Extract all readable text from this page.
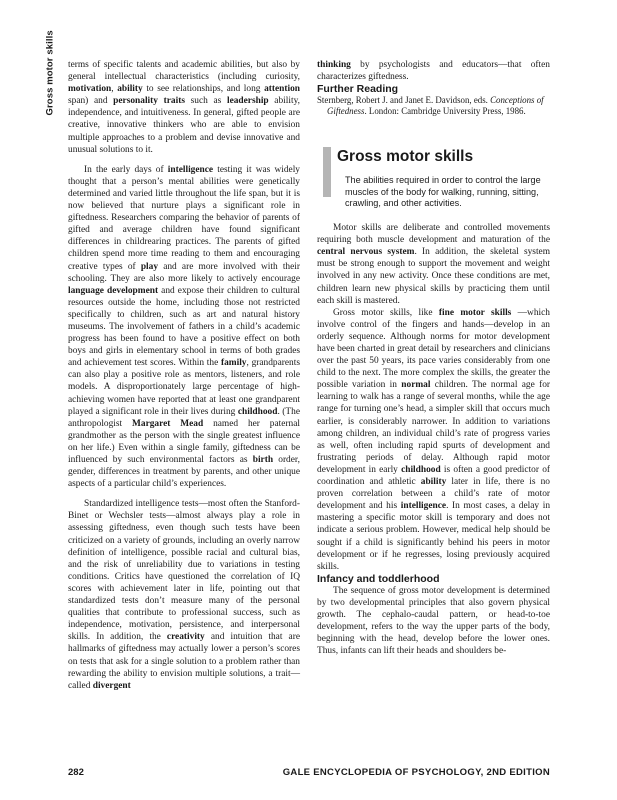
Gross motor skills terms of specific talents and academic abilities, but also by general intellectual characteristics (including curiosity, motivation, ability to see relationships, and long attention span) and personality traits such as leadership ability, independence, and intuitiveness. In general, gifted people are creative, innovative thinkers who are able to envision multiple approaches to a problem and devise innovative and unusual solutions to it.

In the early days of intelligence testing it was widely thought that a person’s mental abilities were genetically determined and varied little throughout the life span, but it is now believed that nurture plays a significant role in giftedness. Researchers comparing the behavior of parents of gifted and average children have found significant differences in childrearing practices. The parents of gifted children spend more time reading to them and encouraging creative types of play and are more involved with their schooling. They are also more likely to actively encourage language development and expose their children to cultural resources outside the home, including those not restricted specifically to children, such as art and natural history museums. The involvement of fathers in a child’s academic progress has been found to have a positive effect on both boys and girls in elementary school in terms of both grades and achievement test scores. Within the family, grandparents can also play a positive role as mentors, listeners, and role models. A disproportionately large percentage of high-achieving women have reported that at least one grandparent played a significant role in their lives during childhood. (The anthropologist Margaret Mead named her paternal grandmother as the person with the single greatest influence on her life.) Even within a single family, giftedness can be influenced by such environmental factors as birth order, gender, differences in treatment by parents, and other unique aspects of a particular child’s experiences.

Standardized intelligence tests—most often the Stanford-Binet or Wechsler tests—almost always play a role in assessing giftedness, even though such tests have been criticized on a variety of grounds, including an overly narrow definition of intelligence, possible racial and cultural bias, and the risk of unreliability due to variations in testing conditions. Critics have questioned the correlation of IQ scores with achievement later in life, pointing out that standardized tests don’t measure many of the personal qualities that contribute to professional success, such as independence, motivation, persistence, and interpersonal skills. In addition, the creativity and intuition that are hallmarks of giftedness may actually lower a person’s scores on tests that ask for a single solution to a problem rather than rewarding the ability to envision multiple solutions, a trait—called divergent

thinking by psychologists and educators—that often characterizes giftedness.

Further Reading

Sternberg, Robert J. and Janet E. Davidson, eds. Conceptions of Giftedness. London: Cambridge University Press, 1986.

Gross motor skills

The abilities required in order to control the large muscles of the body for walking, running, sitting, crawling, and other activities.

Motor skills are deliberate and controlled movements requiring both muscle development and maturation of the central nervous system. In addition, the skeletal system must be strong enough to support the movement and weight involved in any new activity. Once these conditions are met, children learn new physical skills by practicing them until each skill is mastered.

Gross motor skills, like fine motor skills —which involve control of the fingers and hands—develop in an orderly sequence. Although norms for motor development have been charted in great detail by researchers and clinicians over the past 50 years, its pace varies considerably from one child to the next. The more complex the skills, the greater the possible variation in normal children. The normal age for learning to walk has a range of several months, while the age range for turning one’s head, a simpler skill that occurs much earlier, is considerably narrower. In addition to variations among children, an individual child’s rate of progress varies as well, often including rapid spurts of development and frustrating periods of delay. Although rapid motor development in early childhood is often a good predictor of coordination and athletic ability later in life, there is no proven correlation between a child’s rate of motor development and his intelligence. In most cases, a delay in mastering a specific motor skill is temporary and does not indicate a serious problem. However, medical help should be sought if a child is significantly behind his peers in motor development or if he regresses, losing previously acquired skills.

Infancy and toddlerhood

The sequence of gross motor development is determined by two developmental principles that also govern physical growth. The cephalo-caudal pattern, or head-to-toe development, refers to the way the upper parts of the body, beginning with the head, develop before the lower ones. Thus, infants can lift their heads and shoulders be-

282	GALE ENCYCLOPEDIA OF PSYCHOLOGY, 2ND EDITION
